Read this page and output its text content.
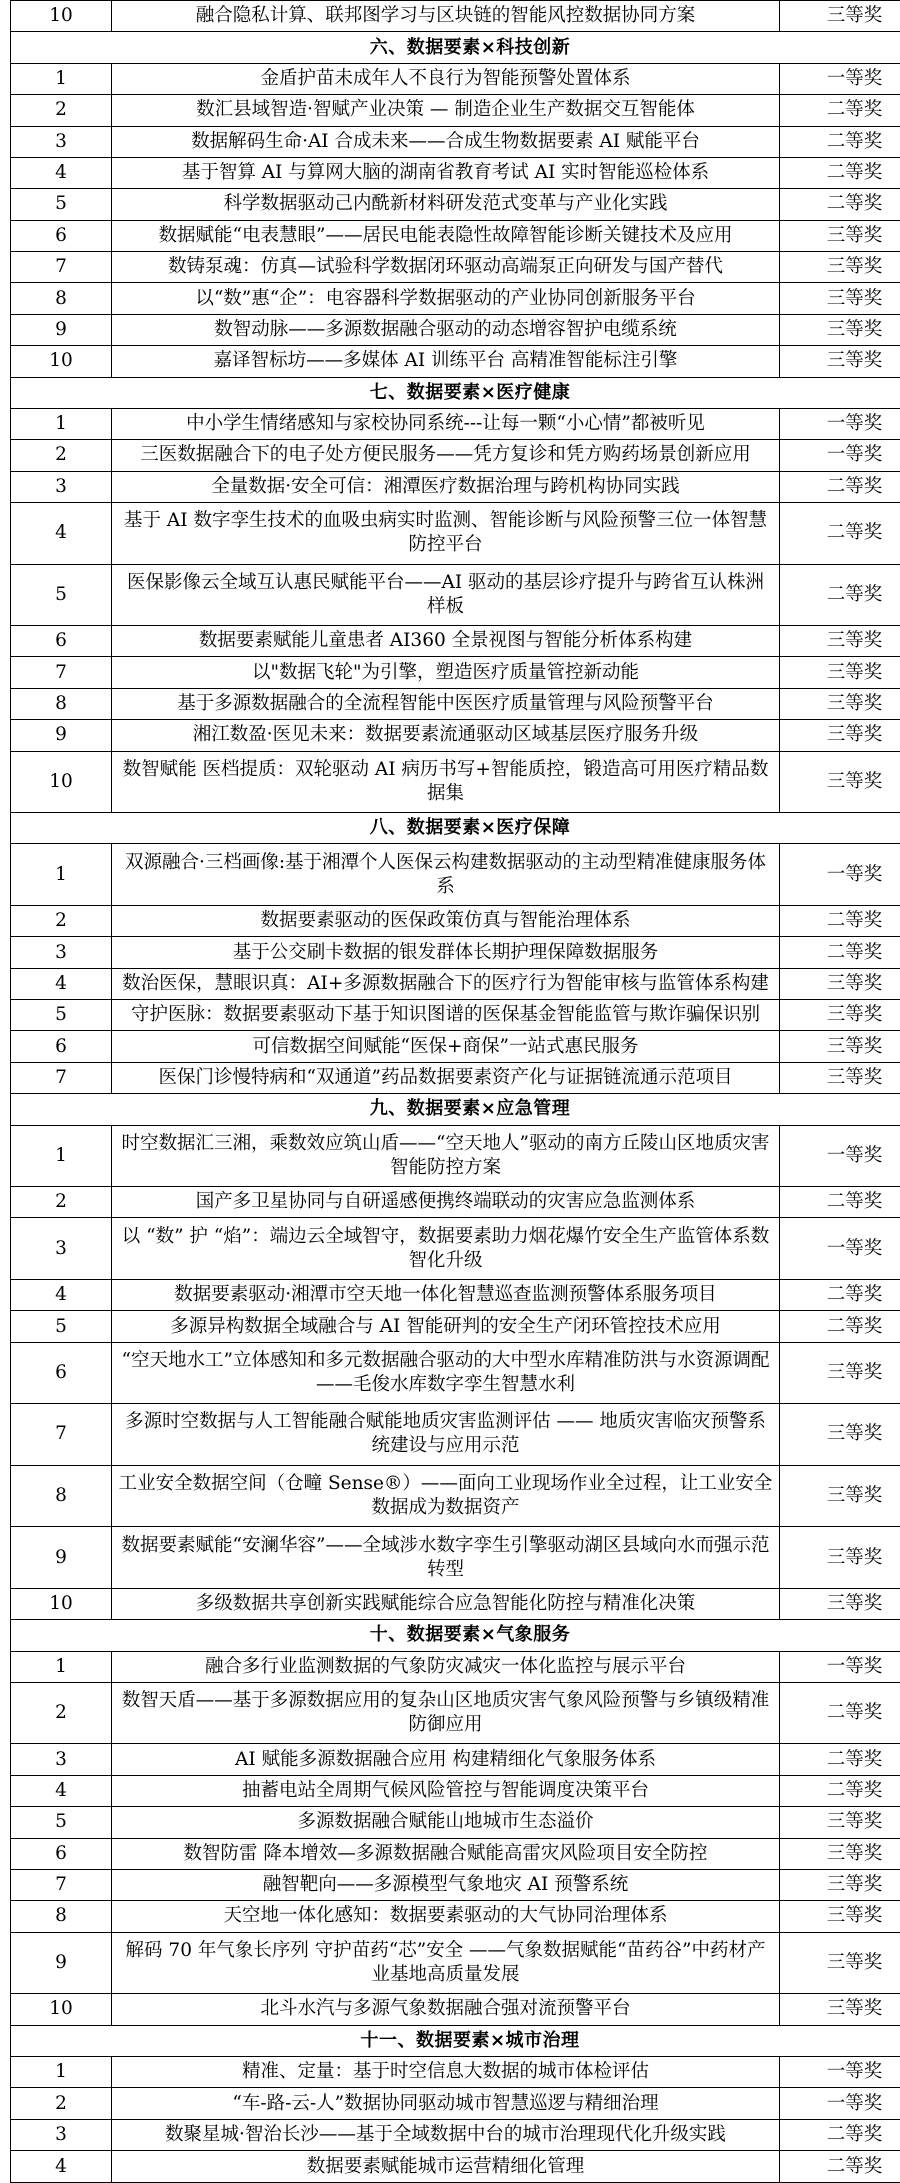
10	融合隐私计算、联邦图学习与区块链的智能风控数据协同方案	三等奖
六、数据要素×科技创新		
1	金盾护苗未成年人不良行为智能预警处置体系	一等奖
2	数汇县域智造·智赋产业决策 — 制造企业生产数据交互智能体	二等奖
3	数据解码生命·AI 合成未来——合成生物数据要素 AI 赋能平台	二等奖
4	基于智算 AI 与算网大脑的湖南省教育考试 AI 实时智能巡检体系	二等奖
5	科学数据驱动己内酰新材料研发范式变革与产业化实践	二等奖
6	数据赋能“电表慧眼”——居民电能表隐性故障智能诊断关键技术及应用	三等奖
7	数铸泵魂：仿真—试验科学数据闭环驱动高端泵正向研发与国产替代	三等奖
8	以“数”惠“企”：电容器科学数据驱动的产业协同创新服务平台	三等奖
9	数智动脉——多源数据融合驱动的动态增容智护电缆系统	三等奖
10	嘉译智标坊——多媒体 AI 训练平台 高精准智能标注引擎	三等奖
七、数据要素×医疗健康		
1	中小学生情绪感知与家校协同系统---让每一颗“小心情”都被听见	一等奖
2	三医数据融合下的电子处方便民服务——凭方复诊和凭方购药场景创新应用	一等奖
3	全量数据·安全可信：湘潭医疗数据治理与跨机构协同实践	二等奖
4	基于 AI 数字孪生技术的血吸虫病实时监测、智能诊断与风险预警三位一体智慧防控平台	二等奖
5	医保影像云全域互认惠民赋能平台——AI 驱动的基层诊疗提升与跨省互认株洲样板	二等奖
6	数据要素赋能儿童患者 AI360 全景视图与智能分析体系构建	三等奖
7	以"数据飞轮"为引擎，塑造医疗质量管控新动能	三等奖
8	基于多源数据融合的全流程智能中医医疗质量管理与风险预警平台	三等奖
9	湘江数盈·医见未来：数据要素流通驱动区域基层医疗服务升级	三等奖
10	数智赋能 医档提质：双轮驱动 AI 病历书写+智能质控，锻造高可用医疗精品数据集	三等奖
八、数据要素×医疗保障		
1	双源融合·三档画像:基于湘潭个人医保云构建数据驱动的主动型精准健康服务体系	一等奖
2	数据要素驱动的医保政策仿真与智能治理体系	二等奖
3	基于公交刷卡数据的银发群体长期护理保障数据服务	二等奖
4	数治医保，慧眼识真：AI+多源数据融合下的医疗行为智能审核与监管体系构建	三等奖
5	守护医脉：数据要素驱动下基于知识图谱的医保基金智能监管与欺诈骗保识别	三等奖
6	可信数据空间赋能“医保+商保”一站式惠民服务	三等奖
7	医保门诊慢特病和“双通道”药品数据要素资产化与证据链流通示范项目	三等奖
九、数据要素×应急管理		
1	时空数据汇三湘，乘数效应筑山盾——“空天地人”驱动的南方丘陵山区地质灾害智能防控方案	一等奖
2	国产多卫星协同与自研遥感便携终端联动的灾害应急监测体系	二等奖
3	以 “数” 护 “焰”：端边云全域智守，数据要素助力烟花爆竹安全生产监管体系数智化升级	一等奖
4	数据要素驱动·湘潭市空天地一体化智慧巡查监测预警体系服务项目	二等奖
5	多源异构数据全域融合与 AI 智能研判的安全生产闭环管控技术应用	二等奖
6	“空天地水工”立体感知和多元数据融合驱动的大中型水库精准防洪与水资源调配——毛俊水库数字孪生智慧水利	三等奖
7	多源时空数据与人工智能融合赋能地质灾害监测评估 —— 地质灾害临灾预警系统建设与应用示范	三等奖
8	工业安全数据空间（仓疃 Sense®）——面向工业现场作业全过程，让工业安全数据成为数据资产	三等奖
9	数据要素赋能“安澜华容”——全域涉水数字孪生引擎驱动湖区县域向水而强示范转型	三等奖
10	多级数据共享创新实践赋能综合应急智能化防控与精准化决策	三等奖
十、数据要素×气象服务		
1	融合多行业监测数据的气象防灾减灾一体化监控与展示平台	一等奖
2	数智天盾——基于多源数据应用的复杂山区地质灾害气象风险预警与乡镇级精准防御应用	二等奖
3	AI 赋能多源数据融合应用 构建精细化气象服务体系	二等奖
4	抽蓄电站全周期气候风险管控与智能调度决策平台	二等奖
5	多源数据融合赋能山地城市生态溢价	三等奖
6	数智防雷 降本增效—多源数据融合赋能高雷灾风险项目安全防控	三等奖
7	融智靶向——多源模型气象地灾 AI 预警系统	三等奖
8	天空地一体化感知：数据要素驱动的大气协同治理体系	三等奖
9	解码 70 年气象长序列 守护苗药“芯”安全 ——气象数据赋能“苗药谷”中药材产业基地高质量发展	三等奖
10	北斗水汽与多源气象数据融合强对流预警平台	三等奖
十一、数据要素×城市治理		
1	精准、定量：基于时空信息大数据的城市体检评估	一等奖
2	“车-路-云-人”数据协同驱动城市智慧巡逻与精细治理	一等奖
3	数聚星城·智治长沙——基于全域数据中台的城市治理现代化升级实践	二等奖
4	数据要素赋能城市运营精细化管理	二等奖
